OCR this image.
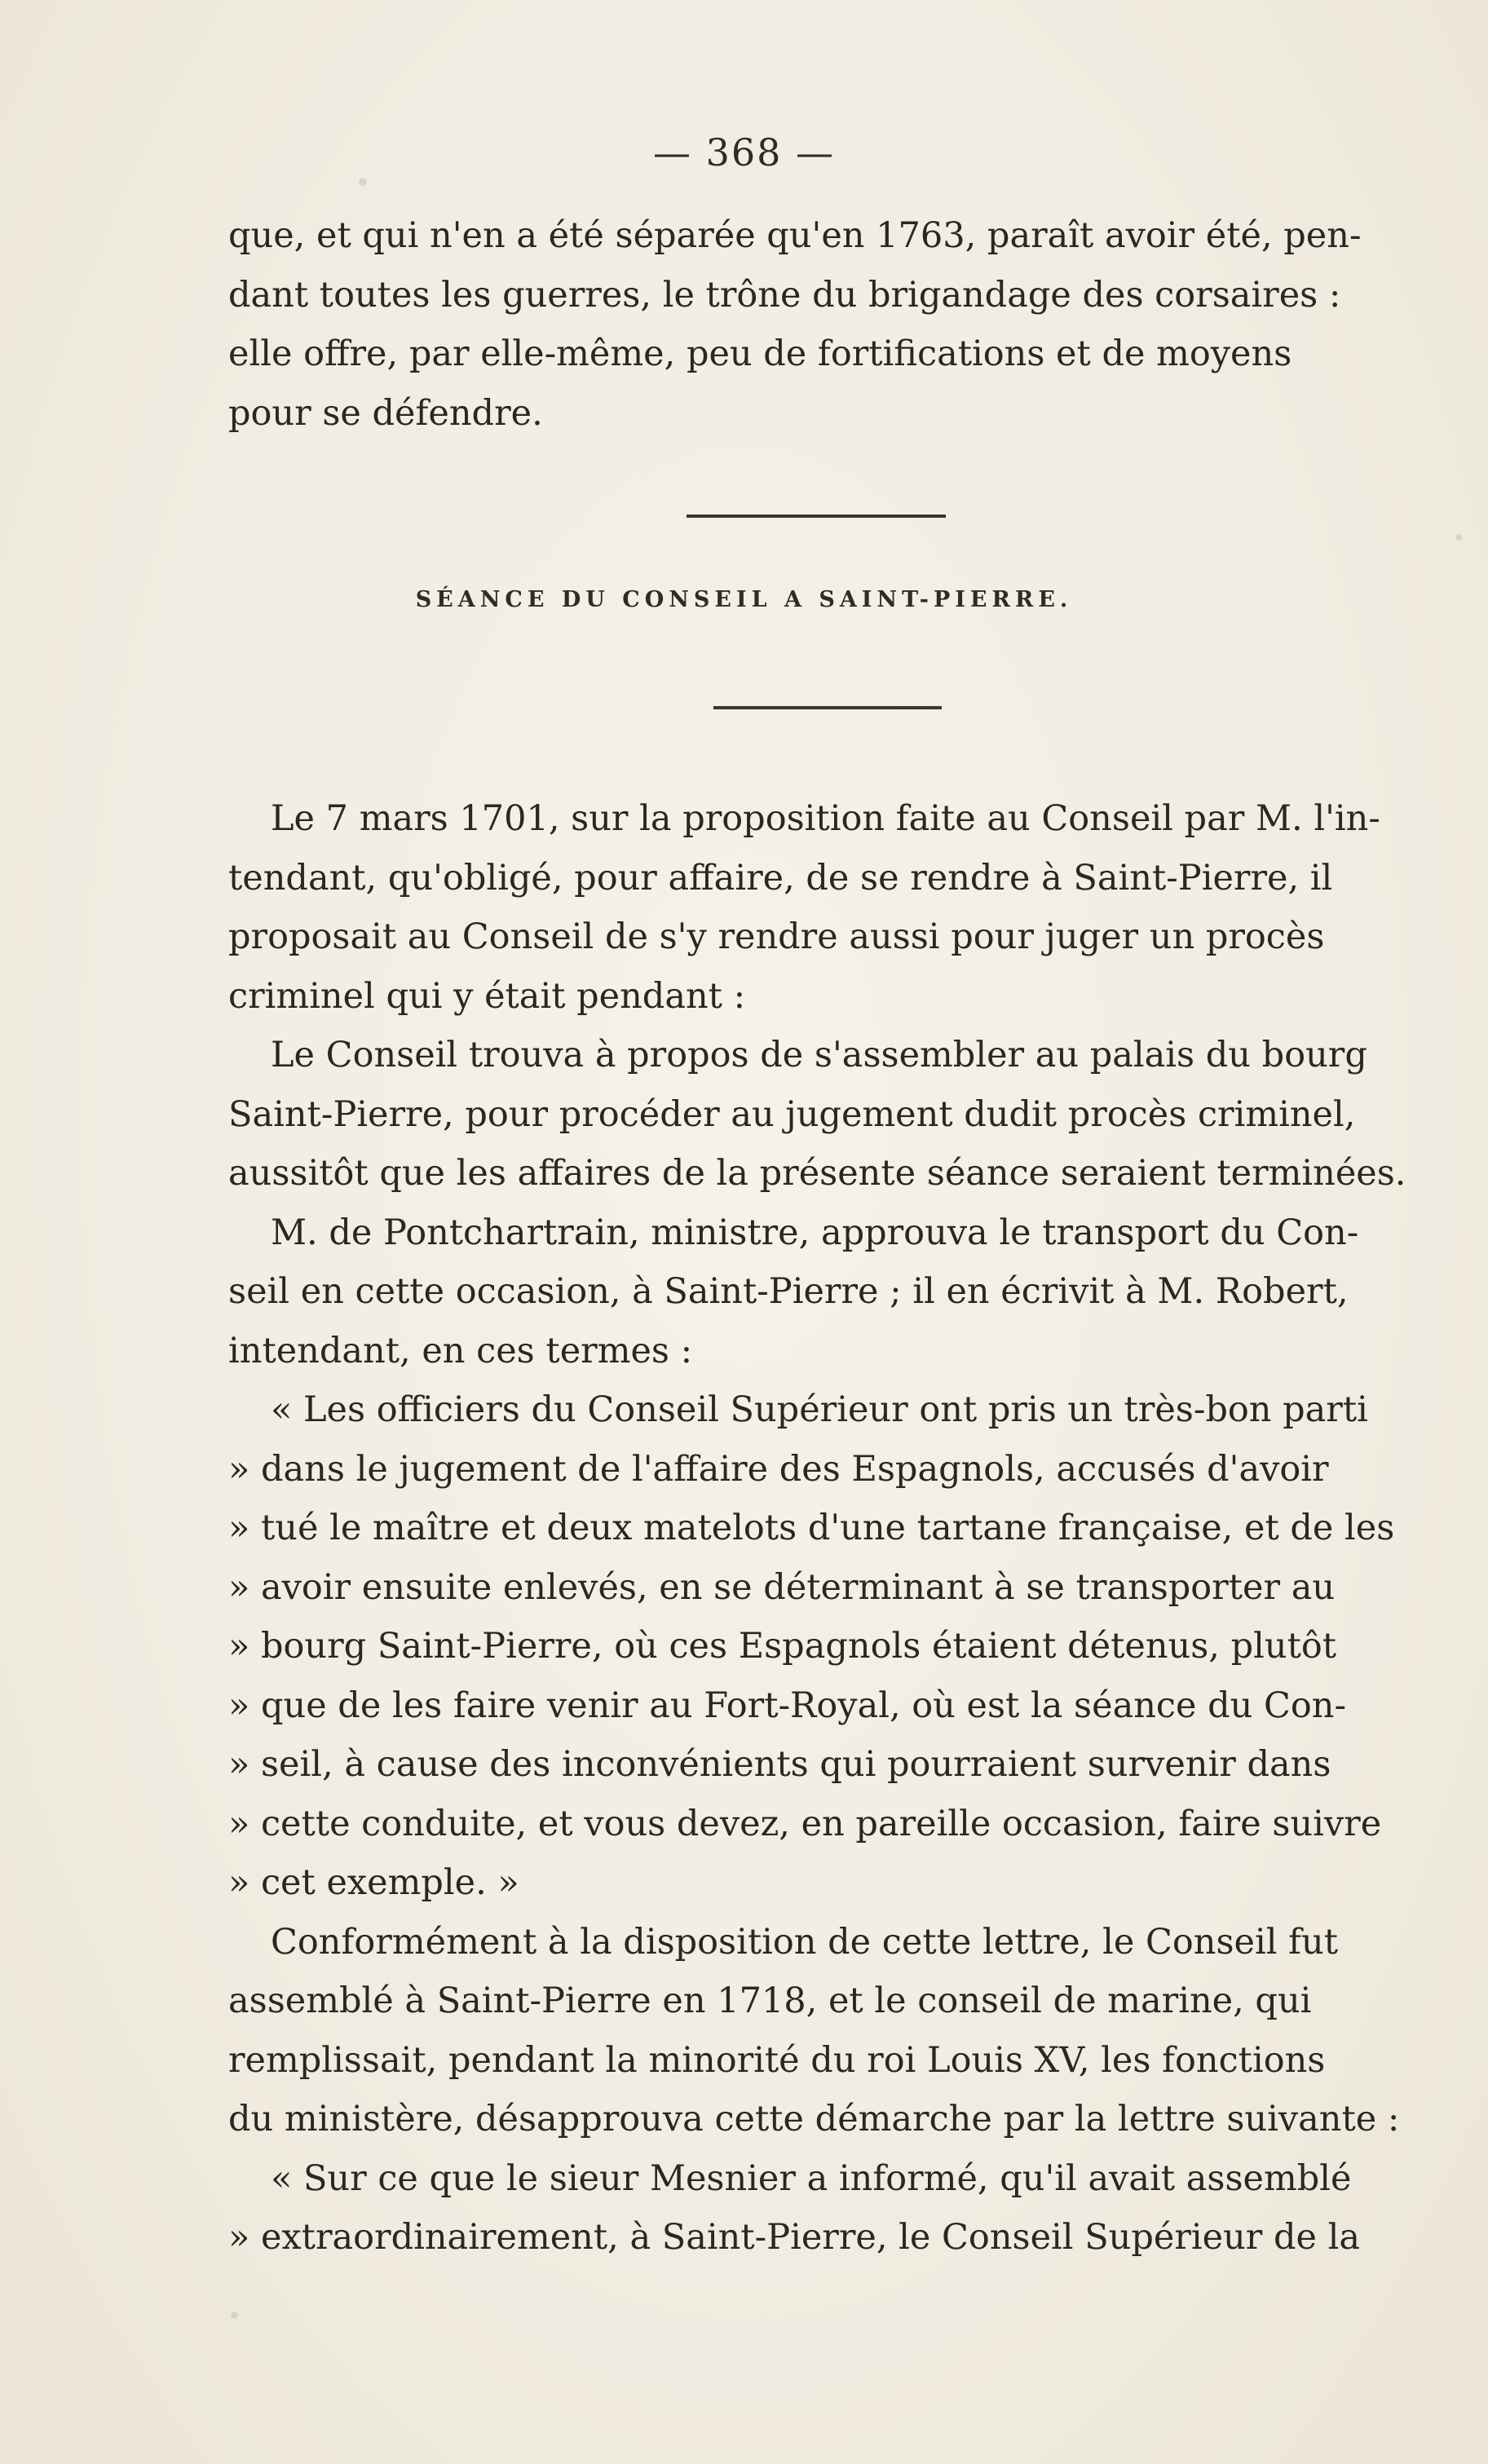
— 368 —
que, et qui n'en a été séparée qu'en 1763, paraît avoir été, pen-
dant toutes les guerres, le trône du brigandage des corsaires :
elle offre, par elle-même, peu de fortifications et de moyens
pour se défendre.
SÉANCE DU CONSEIL A SAINT-PIERRE.
Le 7 mars 1701, sur la proposition faite au Conseil par M. l'in-
tendant, qu'obligé, pour affaire, de se rendre à Saint-Pierre, il
proposait au Conseil de s'y rendre aussi pour juger un procès
criminel qui y était pendant :
Le Conseil trouva à propos de s'assembler au palais du bourg
Saint-Pierre, pour procéder au jugement dudit procès criminel,
aussitôt que les affaires de la présente séance seraient terminées.
M. de Pontchartrain, ministre, approuva le transport du Con-
seil en cette occasion, à Saint-Pierre ; il en écrivit à M. Robert,
intendant, en ces termes :
« Les officiers du Conseil Supérieur ont pris un très-bon parti
» dans le jugement de l'affaire des Espagnols, accusés d'avoir
» tué le maître et deux matelots d'une tartane française, et de les
» avoir ensuite enlevés, en se déterminant à se transporter au
» bourg Saint-Pierre, où ces Espagnols étaient détenus, plutôt
» que de les faire venir au Fort-Royal, où est la séance du Con-
» seil, à cause des inconvénients qui pourraient survenir dans
» cette conduite, et vous devez, en pareille occasion, faire suivre
» cet exemple. »
Conformément à la disposition de cette lettre, le Conseil fut
assemblé à Saint-Pierre en 1718, et le conseil de marine, qui
remplissait, pendant la minorité du roi Louis XV, les fonctions
du ministère, désapprouva cette démarche par la lettre suivante :
« Sur ce que le sieur Mesnier a informé, qu'il avait assemblé
» extraordinairement, à Saint-Pierre, le Conseil Supérieur de la
